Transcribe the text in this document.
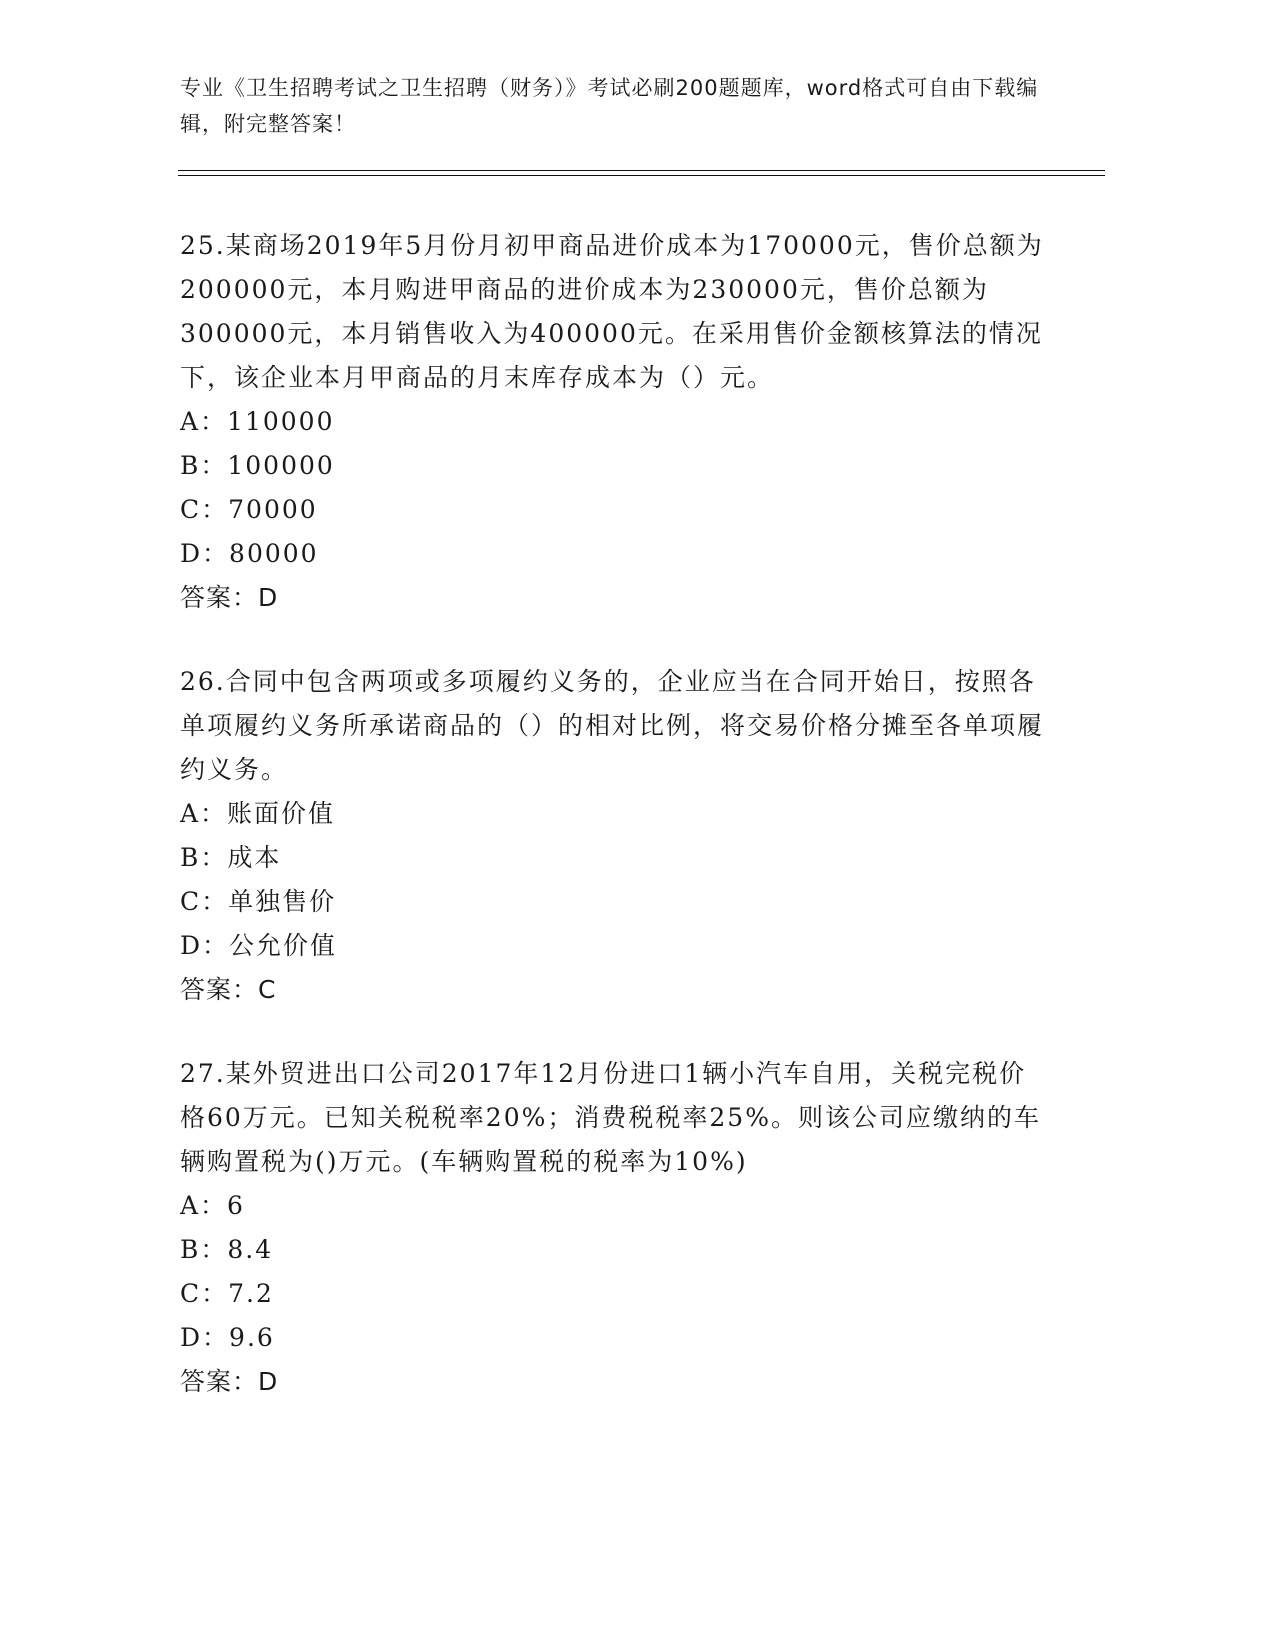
专业《卫生招聘考试之卫生招聘（财务）》考试必刷200题题库，word格式可自由下载编辑，附完整答案！

25.某商场2019年5月份月初甲商品进价成本为170000元，售价总额为200000元，本月购进甲商品的进价成本为230000元，售价总额为300000元，本月销售收入为400000元。在采用售价金额核算法的情况下，该企业本月甲商品的月末库存成本为（）元。

A：110000

B：100000

C：70000

D：80000

答案：D

26.合同中包含两项或多项履约义务的，企业应当在合同开始日，按照各单项履约义务所承诺商品的（）的相对比例，将交易价格分摊至各单项履约义务。

A：账面价值

B：成本

C：单独售价

D：公允价值

答案：C

27.某外贸进出口公司2017年12月份进口1辆小汽车自用，关税完税价格60万元。已知关税税率20%；消费税税率25%。则该公司应缴纳的车辆购置税为()万元。(车辆购置税的税率为10%)

A：6

B：8.4

C：7.2

D：9.6

答案：D
